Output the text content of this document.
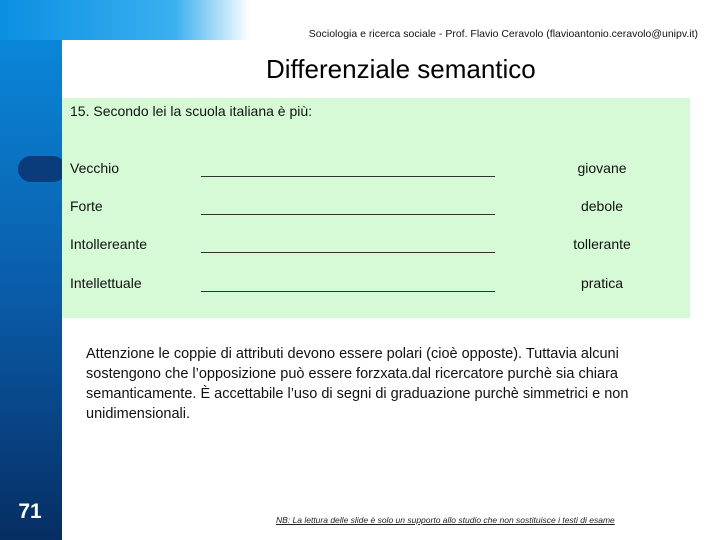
Sociologia e ricerca sociale - Prof. Flavio Ceravolo (flavioantonio.ceravolo@unipv.it)
Differenziale semantico
15. Secondo lei la scuola italiana è più:
Vecchio	giovane
Forte	debole
Intollereante	tollerante
Intellettuale	pratica
Attenzione le coppie di attributi devono essere polari (cioè opposte). Tuttavia alcuni sostengono che l’opposizione può essere forzxata.dal ricercatore purchè sia chiara semanticamente. È accettabile l’uso di segni di graduazione purchè simmetrici e non unidimensionali.
71	NB: La lettura delle slide è solo un supporto allo studio che non sostituisce i testi di esame
